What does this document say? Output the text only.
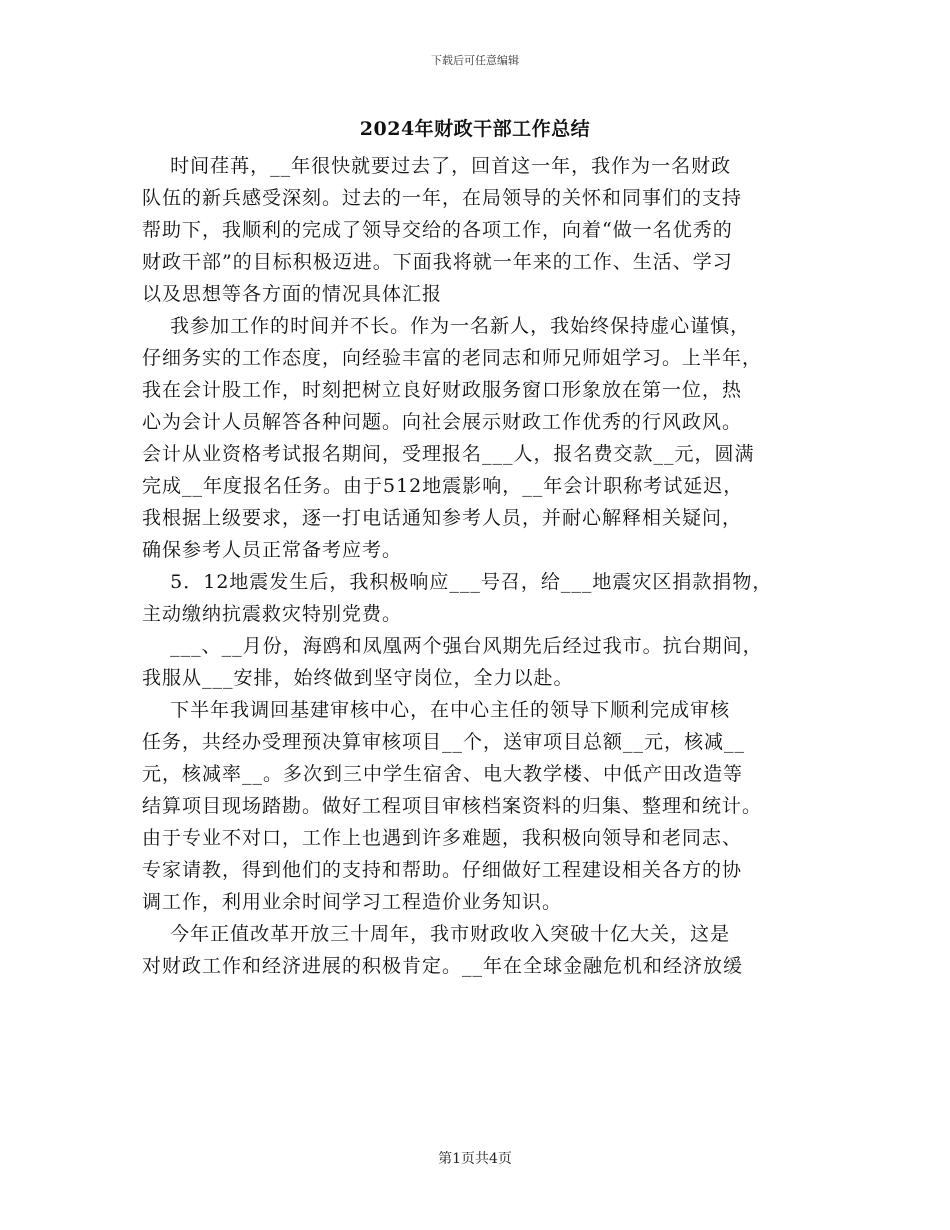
下载后可任意编辑
2024年财政干部工作总结
时间荏苒，__年很快就要过去了，回首这一年，我作为一名财政
队伍的新兵感受深刻。过去的一年，在局领导的关怀和同事们的支持
帮助下，我顺利的完成了领导交给的各项工作，向着“做一名优秀的
财政干部”的目标积极迈进。下面我将就一年来的工作、生活、学习
以及思想等各方面的情况具体汇报
我参加工作的时间并不长。作为一名新人，我始终保持虚心谨慎，
仔细务实的工作态度，向经验丰富的老同志和师兄师姐学习。上半年，
我在会计股工作，时刻把树立良好财政服务窗口形象放在第一位，热
心为会计人员解答各种问题。向社会展示财政工作优秀的行风政风。
会计从业资格考试报名期间，受理报名___人，报名费交款__元，圆满
完成__年度报名任务。由于512地震影响，__年会计职称考试延迟，
我根据上级要求，逐一打电话通知参考人员，并耐心解释相关疑问，
确保参考人员正常备考应考。
5．12地震发生后，我积极响应___号召，给___地震灾区捐款捐物，
主动缴纳抗震救灾特别党费。
___、__月份，海鸥和凤凰两个强台风期先后经过我市。抗台期间，
我服从___安排，始终做到坚守岗位，全力以赴。
下半年我调回基建审核中心，在中心主任的领导下顺利完成审核
任务，共经办受理预决算审核项目__个，送审项目总额__元，核减__
元，核减率__。多次到三中学生宿舍、电大教学楼、中低产田改造等
结算项目现场踏勘。做好工程项目审核档案资料的归集、整理和统计。
由于专业不对口，工作上也遇到许多难题，我积极向领导和老同志、
专家请教，得到他们的支持和帮助。仔细做好工程建设相关各方的协
调工作，利用业余时间学习工程造价业务知识。
今年正值改革开放三十周年，我市财政收入突破十亿大关，这是
对财政工作和经济进展的积极肯定。__年在全球金融危机和经济放缓
第1页共4页
